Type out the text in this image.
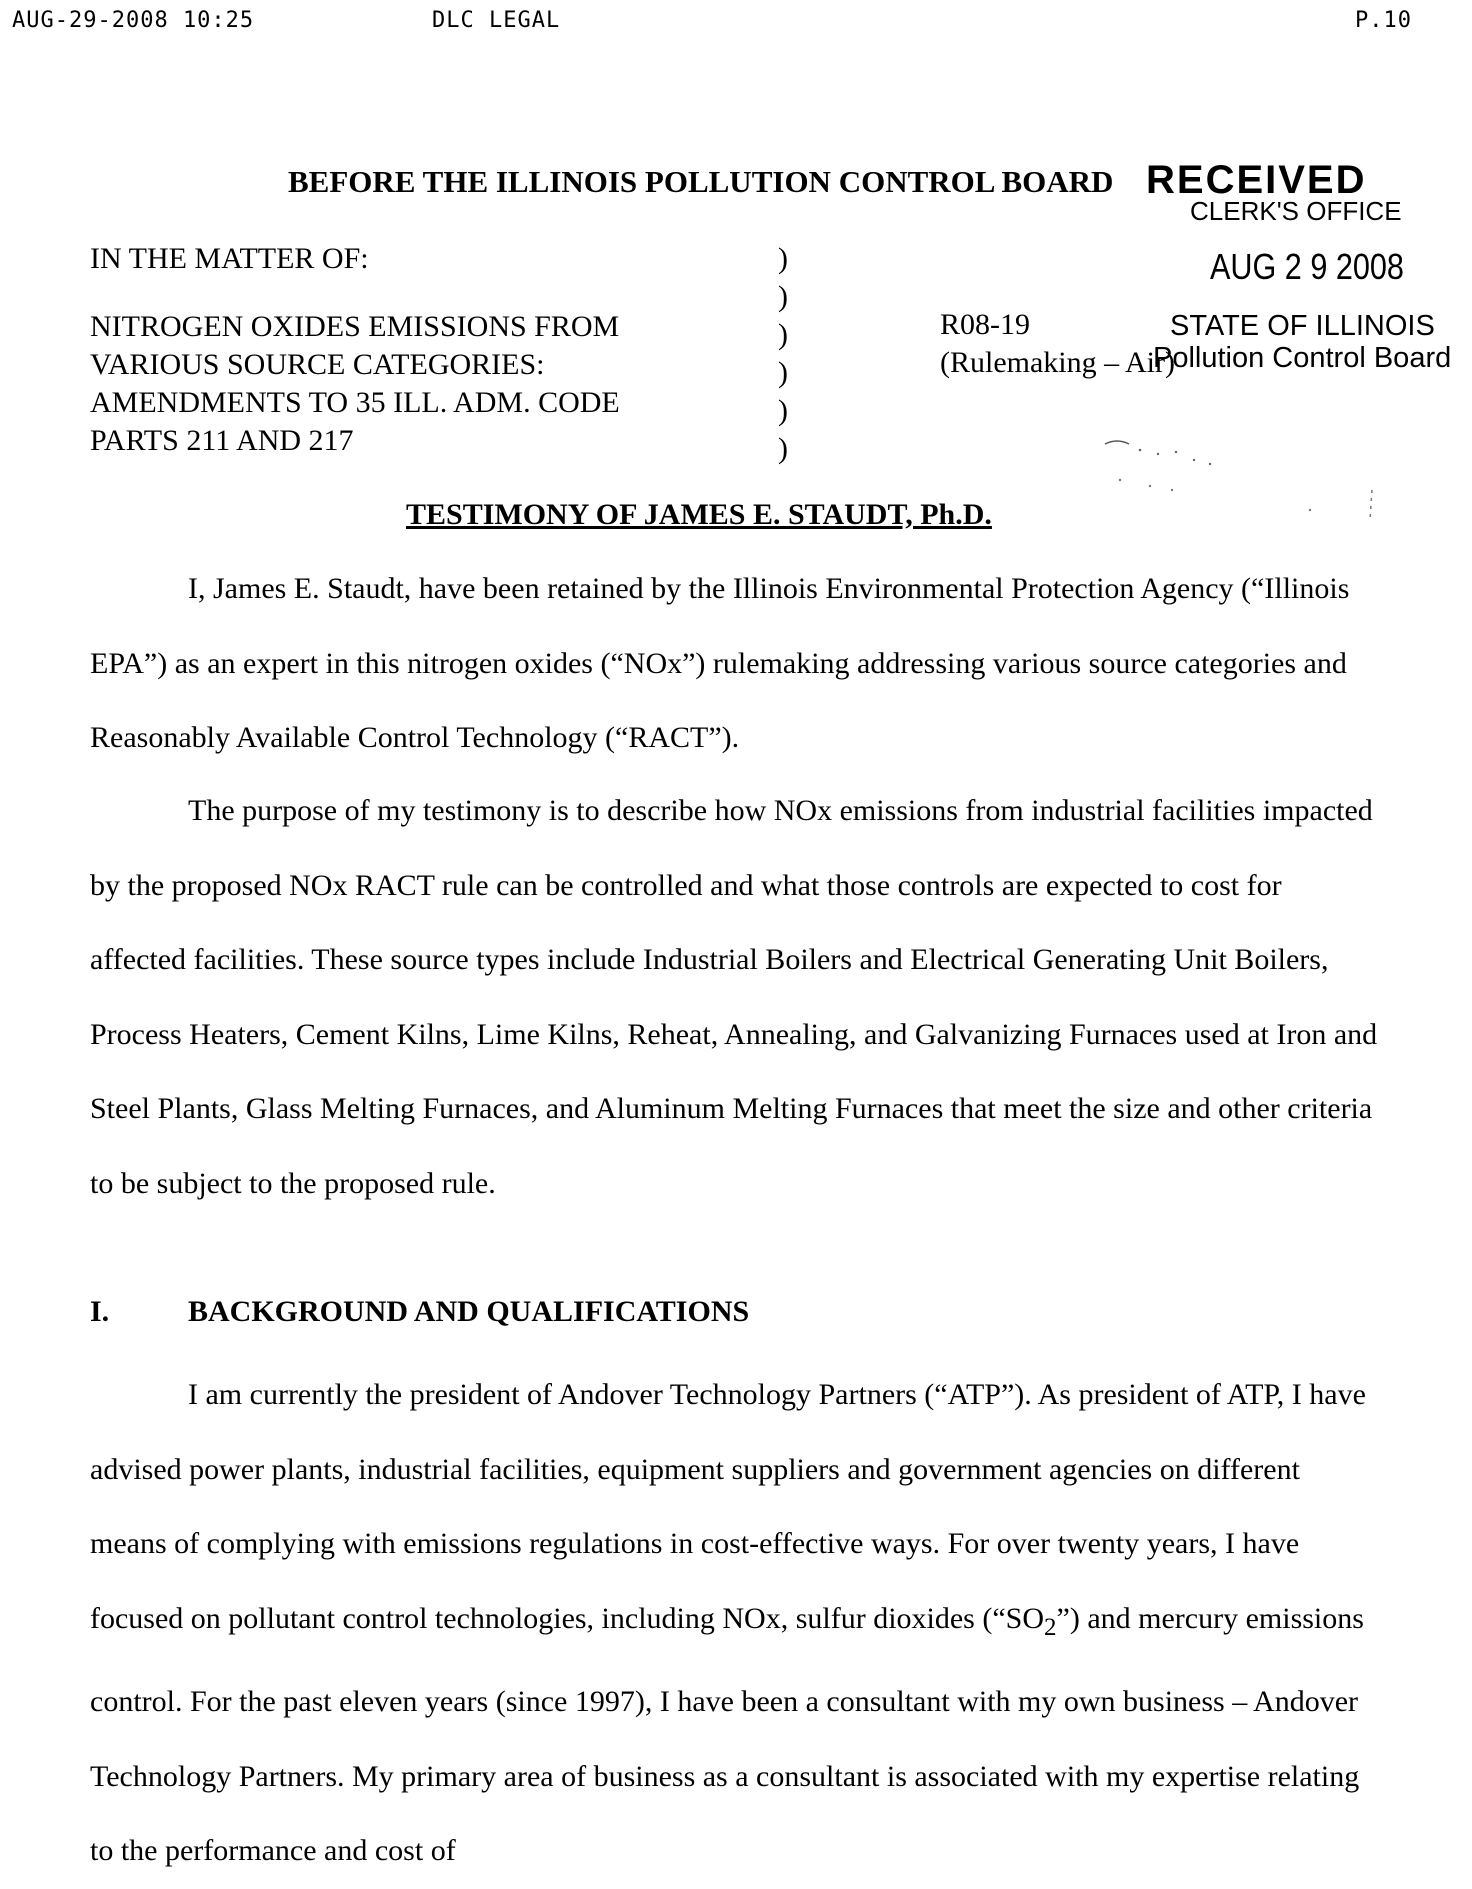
AUG-29-2008 10:25	DLC LEGAL	P.10
BEFORE THE ILLINOIS POLLUTION CONTROL BOARD RECEIVED
CLERK'S OFFICE
AUG 2 9 2008
STATE OF ILLINOIS
Pollution Control Board
IN THE MATTER OF:
NITROGEN OXIDES EMISSIONS FROM
VARIOUS SOURCE CATEGORIES:
AMENDMENTS TO 35 ILL. ADM. CODE
PARTS 211 AND 217
)
)
)
)
)
)
R08-19
(Rulemaking – Air)
TESTIMONY OF JAMES E. STAUDT, Ph.D.

I, James E. Staudt, have been retained by the Illinois Environmental Protection Agency (“Illinois EPA”) as an expert in this nitrogen oxides (“NOx”) rulemaking addressing various source categories and Reasonably Available Control Technology (“RACT”).

The purpose of my testimony is to describe how NOx emissions from industrial facilities impacted by the proposed NOx RACT rule can be controlled and what those controls are expected to cost for affected facilities. These source types include Industrial Boilers and Electrical Generating Unit Boilers, Process Heaters, Cement Kilns, Lime Kilns, Reheat, Annealing, and Galvanizing Furnaces used at Iron and Steel Plants, Glass Melting Furnaces, and Aluminum Melting Furnaces that meet the size and other criteria to be subject to the proposed rule.

I.	BACKGROUND AND QUALIFICATIONS

I am currently the president of Andover Technology Partners (“ATP”). As president of ATP, I have advised power plants, industrial facilities, equipment suppliers and government agencies on different means of complying with emissions regulations in cost-effective ways. For over twenty years, I have focused on pollutant control technologies, including NOx, sulfur dioxides $(“SO_2”)$ and mercury emissions control. For the past eleven years (since 1997), I have been a consultant with my own business – Andover Technology Partners. My primary area of business as a consultant is associated with my expertise relating to the performance and cost of
